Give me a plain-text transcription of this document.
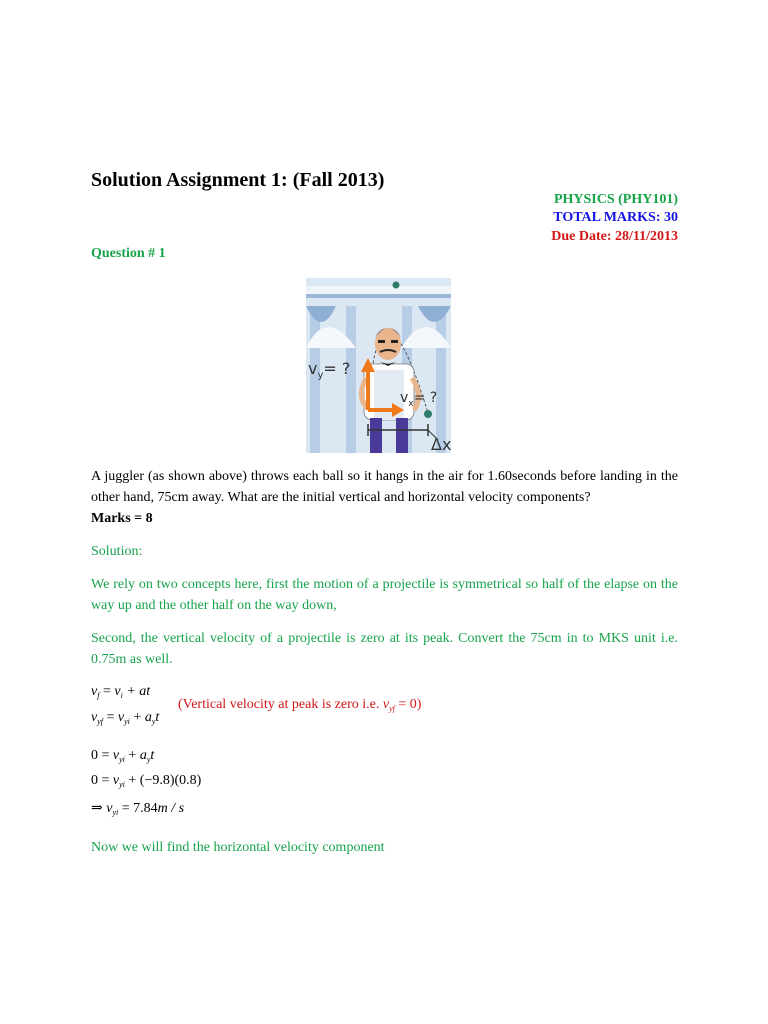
Solution Assignment 1: (Fall 2013)
PHYSICS (PHY101)
TOTAL MARKS: 30
Due Date: 28/11/2013
Question # 1
$v_y=$ ?
$v_x=$ ?
Δx
A juggler (as shown above) throws each ball so it hangs in the air for 1.60seconds before landing in the other hand, 75cm away. What are the initial vertical and horizontal velocity components?
Marks = 8
Solution:
We rely on two concepts here, first the motion of a projectile is symmetrical so half of the elapse on the way up and the other half on the way down,
Second, the vertical velocity of a projectile is zero at its peak. Convert the 75cm in to MKS unit i.e. 0.75m as well.
$v_f = v_i$ + at
$v_{yf} = v_{yi} + a_yt$
(Vertical velocity at peak is zero i.e. $v_{yf} = 0$)
$0 = v_{yi} + a_yt$
$0 = v_{yi} + (-9.8)(0.8)$
⇒ $v_{yi} = 7.84m / s$
Now we will find the horizontal velocity component
